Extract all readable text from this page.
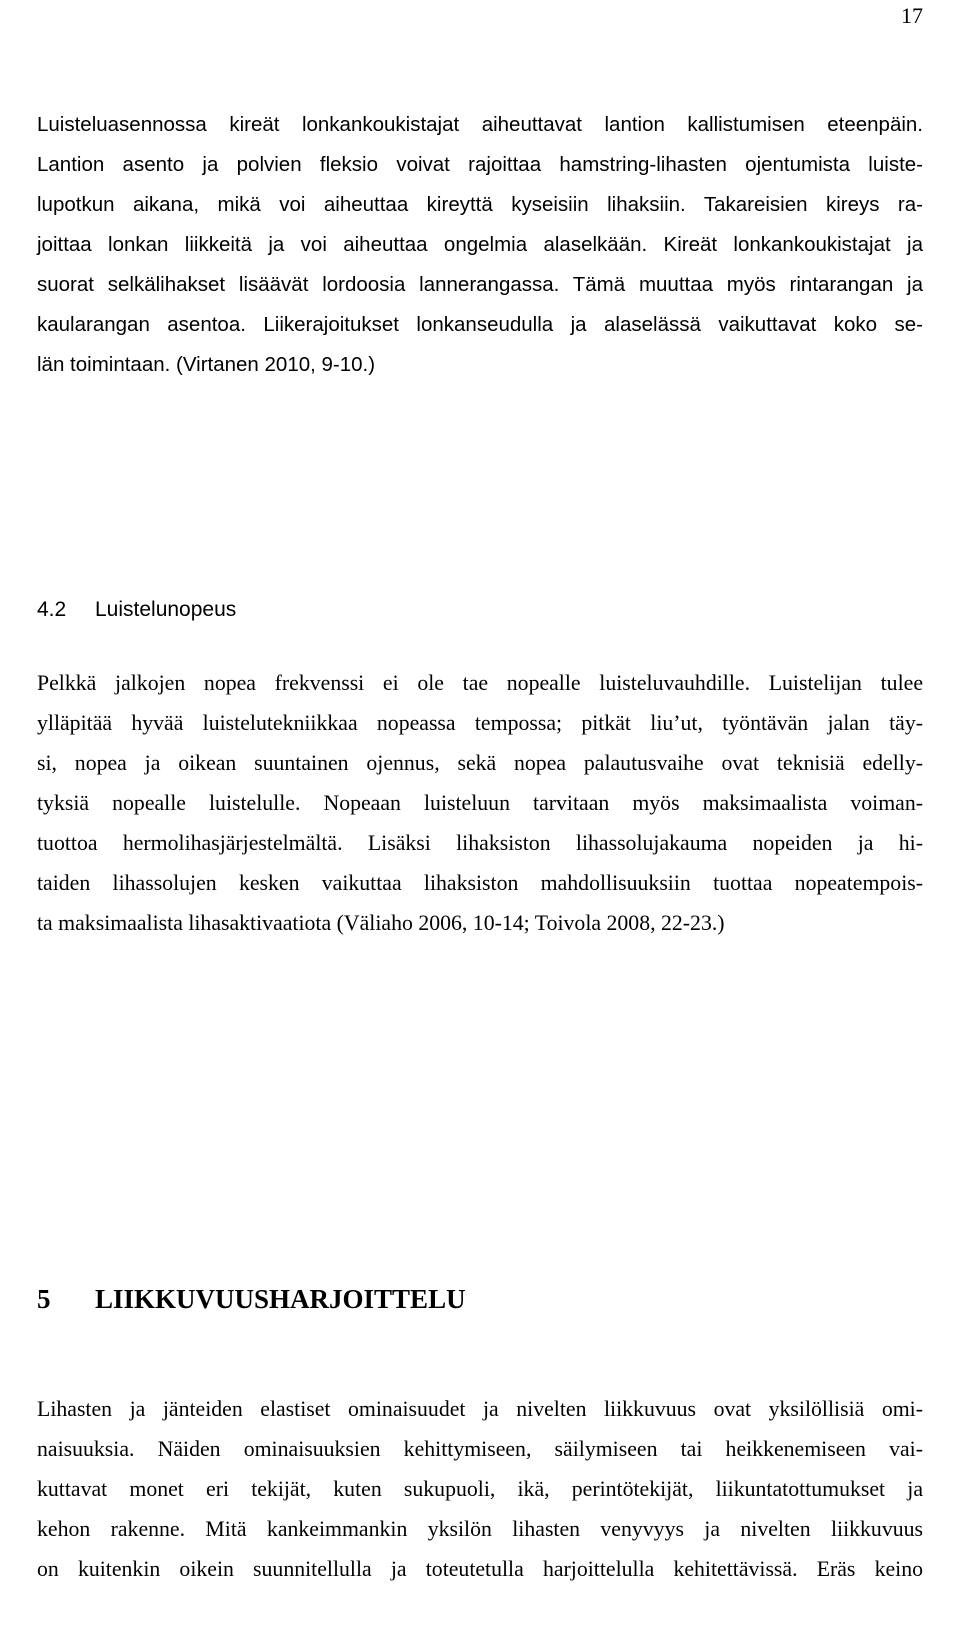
17
Luisteluasennossa kireät lonkankoukistajat aiheuttavat lantion kallistumisen eteenpäin.
Lantion asento ja polvien fleksio voivat rajoittaa hamstring-lihasten ojentumista luiste-
lupotkun aikana, mikä voi aiheuttaa kireyttä kyseisiin lihaksiin. Takareisien kireys ra-
joittaa lonkan liikkeitä ja voi aiheuttaa ongelmia alaselkään. Kireät lonkankoukistajat ja
suorat selkälihakset lisäävät lordoosia lannerangassa. Tämä muuttaa myös rintarangan ja
kaularangan asentoa. Liikerajoitukset lonkanseudulla ja alaselässä vaikuttavat koko se-
län toimintaan. (Virtanen 2010, 9-10.)
4.2 Luistelunopeus
Pelkkä jalkojen nopea frekvenssi ei ole tae nopealle luisteluvauhdille. Luistelijan tulee
ylläpitää hyvää luistelutekniikkaa nopeassa tempossa; pitkät liu’ut, työntävän jalan täy-
si, nopea ja oikean suuntainen ojennus, sekä nopea palautusvaihe ovat teknisiä edelly-
tyksiä nopealle luistelulle. Nopeaan luisteluun tarvitaan myös maksimaalista voiman-
tuottoa hermolihasjärjestelmältä. Lisäksi lihaksiston lihassolujakauma nopeiden ja hi-
taiden lihassolujen kesken vaikuttaa lihaksiston mahdollisuuksiin tuottaa nopeatempois-
ta maksimaalista lihasaktivaatiota (Väliaho 2006, 10-14; Toivola 2008, 22-23.)
5 LIIKKUVUUSHARJOITTELU
Lihasten ja jänteiden elastiset ominaisuudet ja nivelten liikkuvuus ovat yksilöllisiä omi-
naisuuksia. Näiden ominaisuuksien kehittymiseen, säilymiseen tai heikkenemiseen vai-
kuttavat monet eri tekijät, kuten sukupuoli, ikä, perintötekijät, liikuntatottumukset ja
kehon rakenne. Mitä kankeimmankin yksilön lihasten venyvyys ja nivelten liikkuvuus
on kuitenkin oikein suunnitellulla ja toteutetulla harjoittelulla kehitettävissä. Eräs keino
